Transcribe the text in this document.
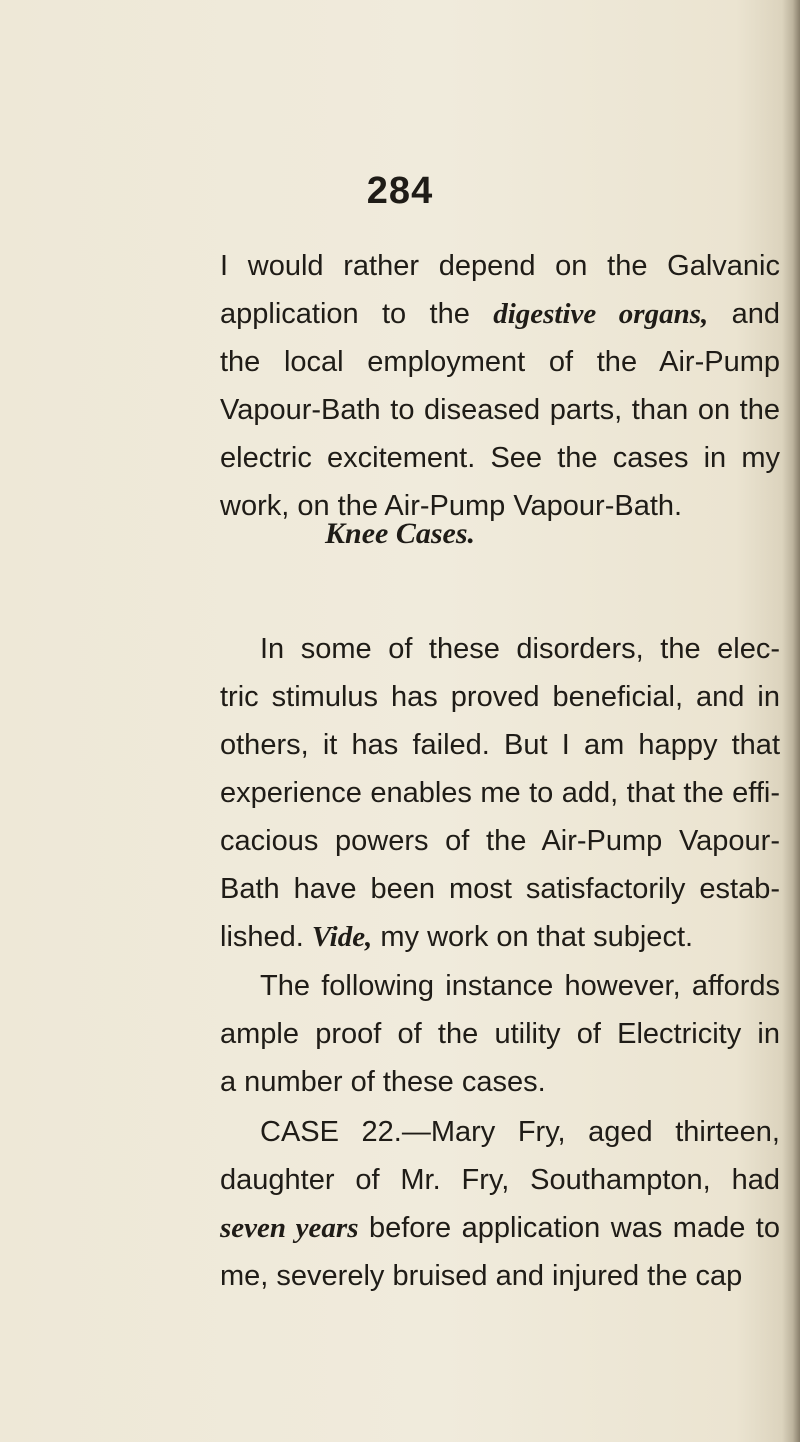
284
I would rather depend on the Galvanic
application to the digestive organs, and
the local employment of the Air-Pump
Vapour-Bath to diseased parts, than on the
electric excitement. See the cases in my
work, on the Air-Pump Vapour-Bath.
Knee Cases.
In some of these disorders, the elec-
tric stimulus has proved beneficial, and in
others, it has failed. But I am happy that
experience enables me to add, that the effi-
cacious powers of the Air-Pump Vapour-
Bath have been most satisfactorily estab-
lished. Vide, my work on that subject.
The following instance however, affords
ample proof of the utility of Electricity in
a number of these cases.
CASE 22.—Mary Fry, aged thirteen,
daughter of Mr. Fry, Southampton, had
seven years before application was made to
me, severely bruised and injured the cap
